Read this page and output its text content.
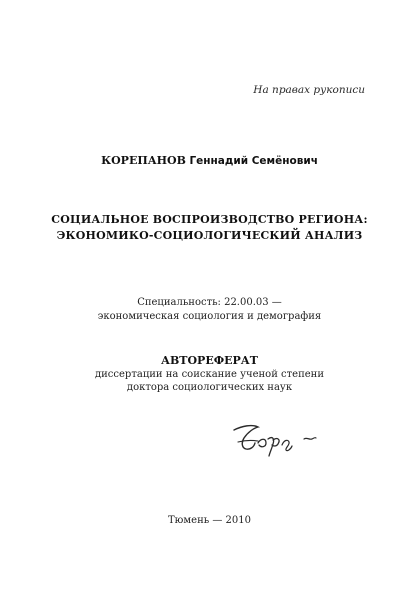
На правах рукописи
КОРЕПАНОВ Геннадий Семёнович
СОЦИАЛЬНОЕ ВОСПРОИЗВОДСТВО РЕГИОНА:
ЭКОНОМИКО-СОЦИОЛОГИЧЕСКИЙ АНАЛИЗ
Специальность: 22.00.03 —
экономическая социология и демография
АВТОРЕФЕРАТ
диссертации на соискание ученой степени
доктора социологических наук
Тюмень — 2010
